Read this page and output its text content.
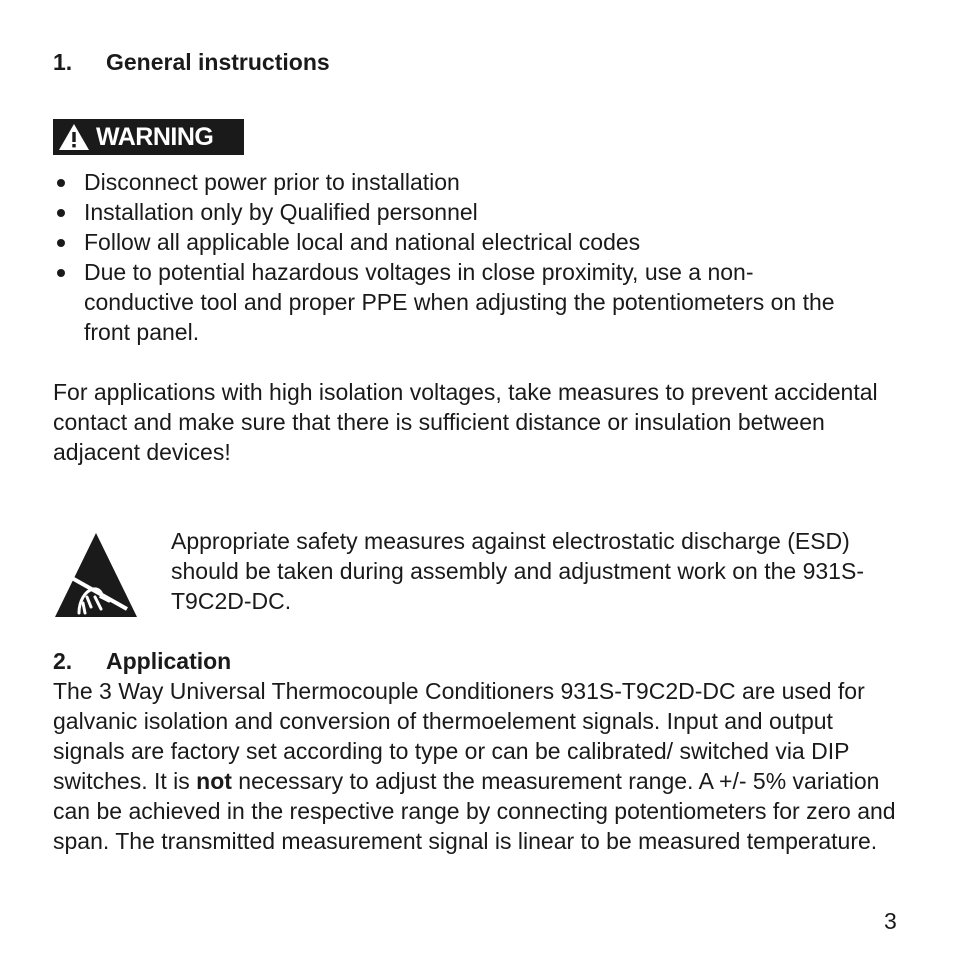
1. General instructions
WARNING
Disconnect power prior to installation
Installation only by Qualified personnel
Follow all applicable local and national electrical codes
Due to potential hazardous voltages in close proximity, use a non-​conductive tool and proper PPE when adjusting the potentiometers on the front panel.

For applications with high isolation voltages, take measures to prevent accidental contact and make sure that there is sufficient distance or insulation between adjacent devices!

Appropriate safety measures against electrostatic discharge (ESD) should be taken during assembly and adjustment work on the 931S-T9C2D-DC.

2. Application

The 3 Way Universal Thermocouple Conditioners 931S-T9C2D-DC are used for galvanic isolation and conversion of thermoelement signals. Input and output signals are factory set according to type or can be calibrated/ switched via DIP switches. It is not necessary to adjust the measurement range. A +/- 5% variation can be achieved in the respective range by connecting potentiometers for zero and span. The transmitted measurement signal is linear to be measured temperature.

3
